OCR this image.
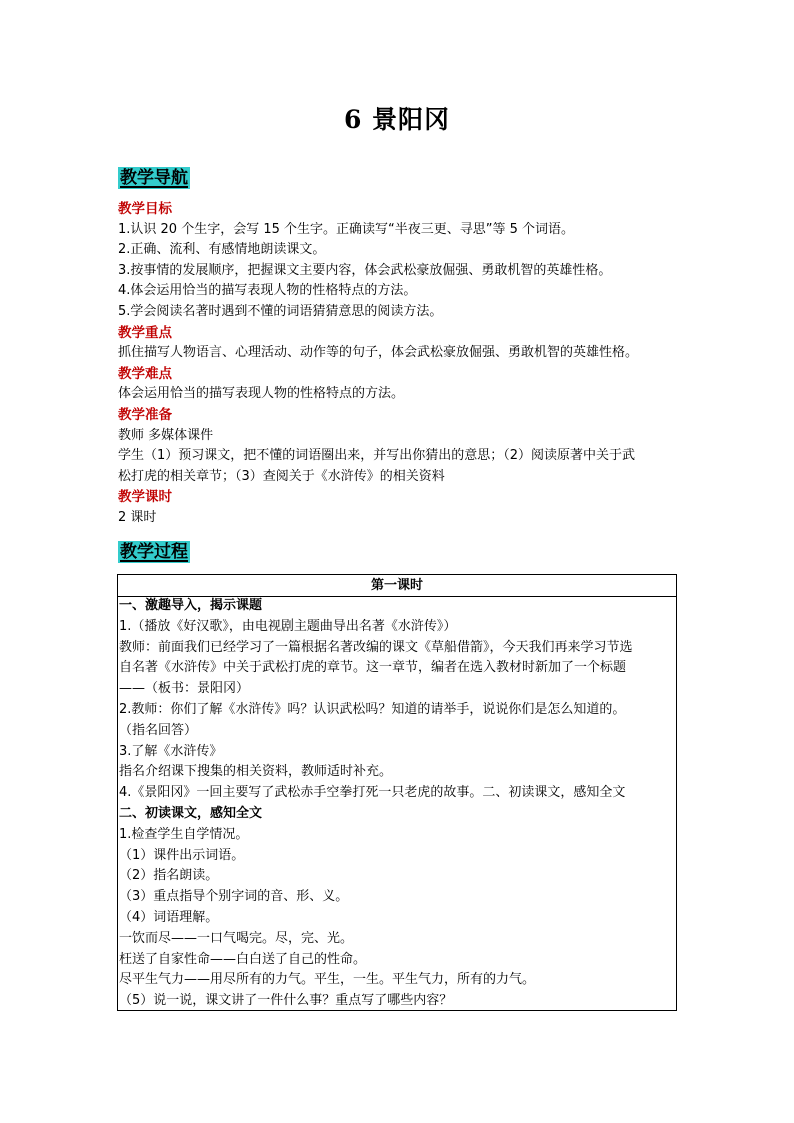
6 景阳冈
教学导航
教学目标
1.认识 20 个生字，会写 15 个生字。正确读写“半夜三更、寻思”等 5 个词语。
2.正确、流利、有感情地朗读课文。
3.按事情的发展顺序，把握课文主要内容，体会武松豪放倔强、勇敢机智的英雄性格。
4.体会运用恰当的描写表现人物的性格特点的方法。
5.学会阅读名著时遇到不懂的词语猜猜意思的阅读方法。
教学重点
抓住描写人物语言、心理活动、动作等的句子，体会武松豪放倔强、勇敢机智的英雄性格。
教学难点
体会运用恰当的描写表现人物的性格特点的方法。
教学准备
教师 多媒体课件
学生（1）预习课文，把不懂的词语圈出来，并写出你猜出的意思；（2）阅读原著中关于武
松打虎的相关章节；（3）查阅关于《水浒传》的相关资料
教学课时
2 课时
教学过程
第一课时
一、激趣导入，揭示课题
1.（播放《好汉歌》，由电视剧主题曲导出名著《水浒传》）
教师：前面我们已经学习了一篇根据名著改编的课文《草船借箭》，今天我们再来学习节选
自名著《水浒传》中关于武松打虎的章节。这一章节，编者在选入教材时新加了一个标题
——（板书：景阳冈）
2.教师：你们了解《水浒传》吗？认识武松吗？知道的请举手，说说你们是怎么知道的。
（指名回答）
3.了解《水浒传》
指名介绍课下搜集的相关资料，教师适时补充。
4.《景阳冈》一回主要写了武松赤手空拳打死一只老虎的故事。二、初读课文，感知全文
二、初读课文，感知全文
1.检查学生自学情况。
（1）课件出示词语。
（2）指名朗读。
（3）重点指导个别字词的音、形、义。
（4）词语理解。
一饮而尽——一口气喝完。尽，完、光。
枉送了自家性命——白白送了自己的性命。
尽平生气力——用尽所有的力气。平生，一生。平生气力，所有的力气。
（5）说一说，课文讲了一件什么事？重点写了哪些内容？
